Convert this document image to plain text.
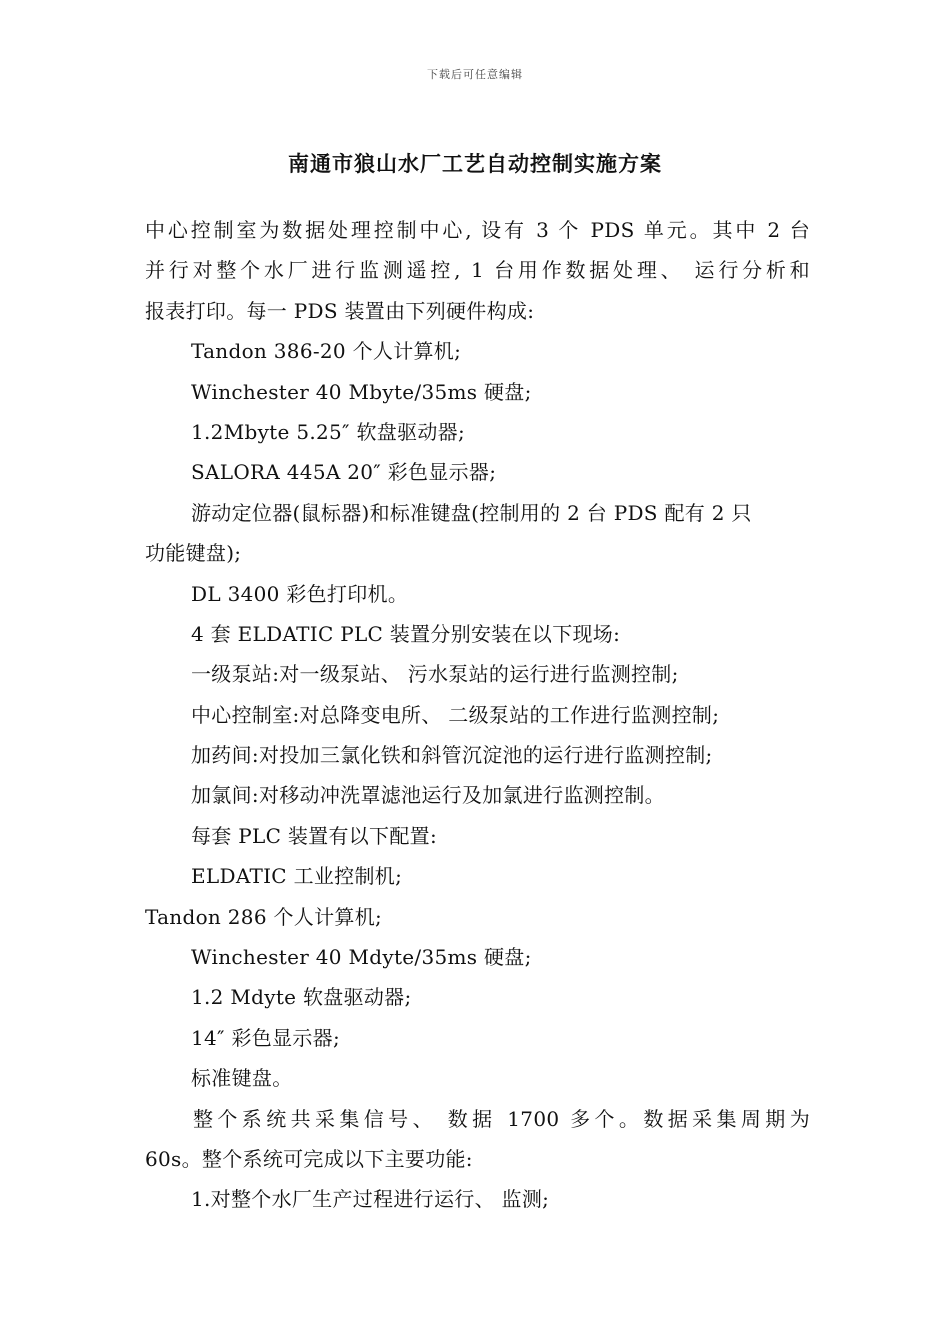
下载后可任意编辑
南通市狼山水厂工艺自动控制实施方案
中心控制室为数据处理控制中心, 设有 3 个 PDS 单元。其中 2 台
并行对整个水厂进行监测遥控, 1 台用作数据处理、 运行分析和
报表打印。每一 PDS 装置由下列硬件构成:
Tandon 386-20 个人计算机;
Winchester 40 Mbyte/35ms 硬盘;
1.2Mbyte 5.25″ 软盘驱动器;
SALORA 445A 20″ 彩色显示器;
游动定位器(鼠标器)和标准键盘(控制用的 2 台 PDS 配有 2 只
功能键盘);
DL 3400 彩色打印机。
4 套 ELDATIC PLC 装置分别安装在以下现场:
一级泵站:对一级泵站、 污水泵站的运行进行监测控制;
中心控制室:对总降变电所、 二级泵站的工作进行监测控制;
加药间:对投加三氯化铁和斜管沉淀池的运行进行监测控制;
加氯间:对移动冲洗罩滤池运行及加氯进行监测控制。
每套 PLC 装置有以下配置:
ELDATIC 工业控制机;
Tandon 286 个人计算机;
Winchester 40 Mdyte/35ms 硬盘;
1.2 Mdyte 软盘驱动器;
14″ 彩色显示器;
标准键盘。
整个系统共采集信号、 数据 1700 多个。数据采集周期为
60s。整个系统可完成以下主要功能:
1.对整个水厂生产过程进行运行、 监测;
